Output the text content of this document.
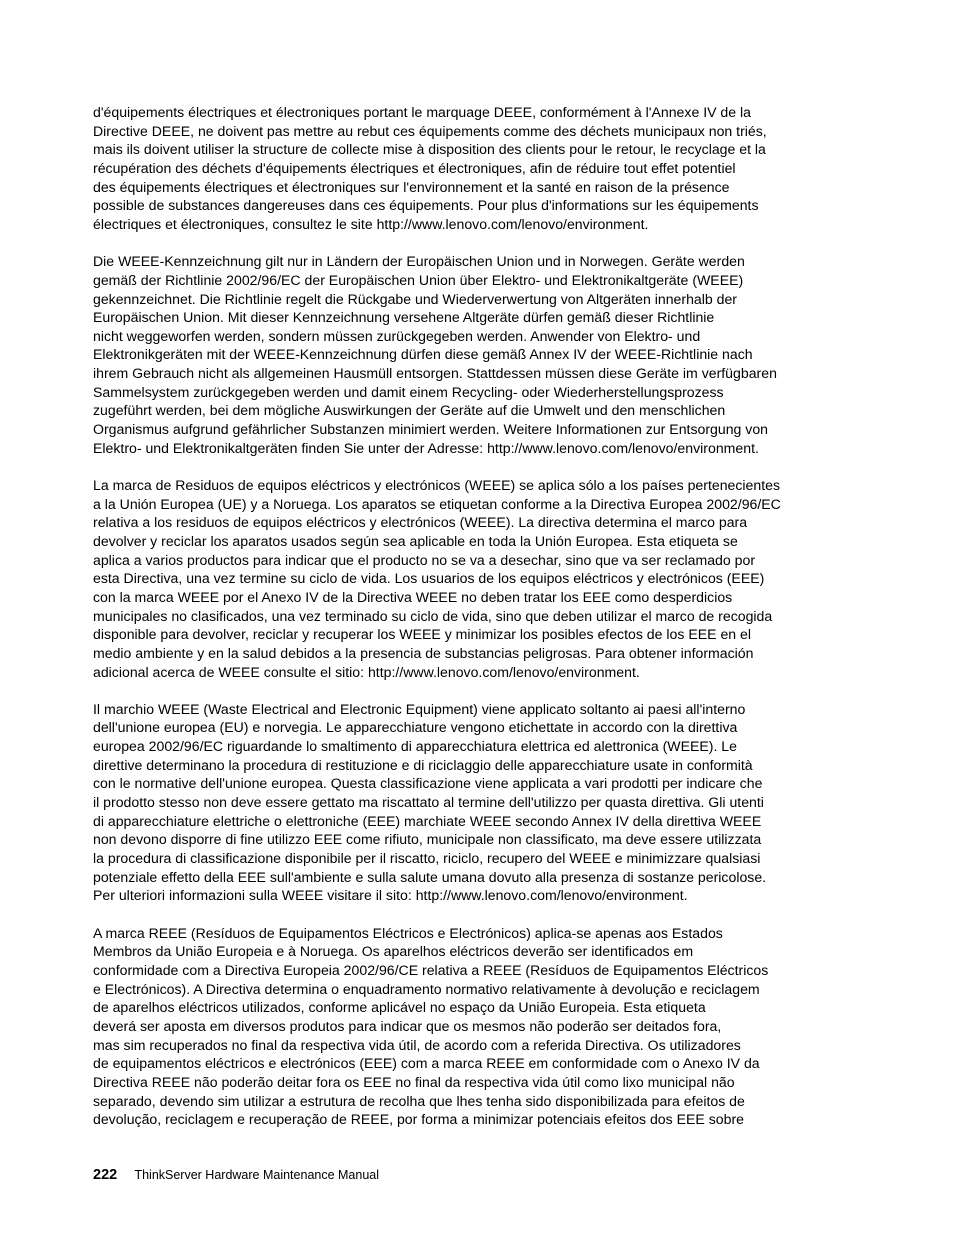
d'équipements électriques et électroniques portant le marquage DEEE, conformément à l'Annexe IV de la
Directive DEEE, ne doivent pas mettre au rebut ces équipements comme des déchets municipaux non triés,
mais ils doivent utiliser la structure de collecte mise à disposition des clients pour le retour, le recyclage et la
récupération des déchets d'équipements électriques et électroniques, afin de réduire tout effet potentiel
des équipements électriques et électroniques sur l'environnement et la santé en raison de la présence
possible de substances dangereuses dans ces équipements. Pour plus d'informations sur les équipements
électriques et électroniques, consultez le site http://www.lenovo.com/lenovo/environment.

Die WEEE-Kennzeichnung gilt nur in Ländern der Europäischen Union und in Norwegen. Geräte werden
gemäß der Richtlinie 2002/96/EC der Europäischen Union über Elektro- und Elektronikaltgeräte (WEEE)
gekennzeichnet. Die Richtlinie regelt die Rückgabe und Wiederverwertung von Altgeräten innerhalb der
Europäischen Union. Mit dieser Kennzeichnung versehene Altgeräte dürfen gemäß dieser Richtlinie
nicht weggeworfen werden, sondern müssen zurückgegeben werden. Anwender von Elektro- und
Elektronikgeräten mit der WEEE-Kennzeichnung dürfen diese gemäß Annex IV der WEEE-Richtlinie nach
ihrem Gebrauch nicht als allgemeinen Hausmüll entsorgen. Stattdessen müssen diese Geräte im verfügbaren
Sammelsystem zurückgegeben werden und damit einem Recycling- oder Wiederherstellungsprozess
zugeführt werden, bei dem mögliche Auswirkungen der Geräte auf die Umwelt und den menschlichen
Organismus aufgrund gefährlicher Substanzen minimiert werden. Weitere Informationen zur Entsorgung von
Elektro- und Elektronikaltgeräten finden Sie unter der Adresse: http://www.lenovo.com/lenovo/environment.

La marca de Residuos de equipos eléctricos y electrónicos (WEEE) se aplica sólo a los países pertenecientes
a la Unión Europea (UE) y a Noruega. Los aparatos se etiquetan conforme a la Directiva Europea 2002/96/EC
relativa a los residuos de equipos eléctricos y electrónicos (WEEE). La directiva determina el marco para
devolver y reciclar los aparatos usados según sea aplicable en toda la Unión Europea. Esta etiqueta se
aplica a varios productos para indicar que el producto no se va a desechar, sino que va ser reclamado por
esta Directiva, una vez termine su ciclo de vida. Los usuarios de los equipos eléctricos y electrónicos (EEE)
con la marca WEEE por el Anexo IV de la Directiva WEEE no deben tratar los EEE como desperdicios
municipales no clasificados, una vez terminado su ciclo de vida, sino que deben utilizar el marco de recogida
disponible para devolver, reciclar y recuperar los WEEE y minimizar los posibles efectos de los EEE en el
medio ambiente y en la salud debidos a la presencia de substancias peligrosas. Para obtener información
adicional acerca de WEEE consulte el sitio: http://www.lenovo.com/lenovo/environment.

Il marchio WEEE (Waste Electrical and Electronic Equipment) viene applicato soltanto ai paesi all'interno
dell'unione europea (EU) e norvegia. Le apparecchiature vengono etichettate in accordo con la direttiva
europea 2002/96/EC riguardande lo smaltimento di apparecchiatura elettrica ed alettronica (WEEE). Le
direttive determinano la procedura di restituzione e di riciclaggio delle apparecchiature usate in conformità
con le normative dell'unione europea. Questa classificazione viene applicata a vari prodotti per indicare che
il prodotto stesso non deve essere gettato ma riscattato al termine dell'utilizzo per quasta direttiva. Gli utenti
di apparecchiature elettriche o elettroniche (EEE) marchiate WEEE secondo Annex IV della direttiva WEEE
non devono disporre di fine utilizzo EEE come rifiuto, municipale non classificato, ma deve essere utilizzata
la procedura di classificazione disponibile per il riscatto, riciclo, recupero del WEEE e minimizzare qualsiasi
potenziale effetto della EEE sull'ambiente e sulla salute umana dovuto alla presenza di sostanze pericolose.
Per ulteriori informazioni sulla WEEE visitare il sito: http://www.lenovo.com/lenovo/environment.

A marca REEE (Resíduos de Equipamentos Eléctricos e Electrónicos) aplica-se apenas aos Estados
Membros da União Europeia e à Noruega. Os aparelhos eléctricos deverão ser identificados em
conformidade com a Directiva Europeia 2002/96/CE relativa a REEE (Resíduos de Equipamentos Eléctricos
e Electrónicos). A Directiva determina o enquadramento normativo relativamente à devolução e reciclagem
de aparelhos eléctricos utilizados, conforme aplicável no espaço da União Europeia. Esta etiqueta
deverá ser aposta em diversos produtos para indicar que os mesmos não poderão ser deitados fora,
mas sim recuperados no final da respectiva vida útil, de acordo com a referida Directiva. Os utilizadores
de equipamentos eléctricos e electrónicos (EEE) com a marca REEE em conformidade com o Anexo IV da
Directiva REEE não poderão deitar fora os EEE no final da respectiva vida útil como lixo municipal não
separado, devendo sim utilizar a estrutura de recolha que lhes tenha sido disponibilizada para efeitos de
devolução, reciclagem e recuperação de REEE, por forma a minimizar potenciais efeitos dos EEE sobre

222 ThinkServer Hardware Maintenance Manual
